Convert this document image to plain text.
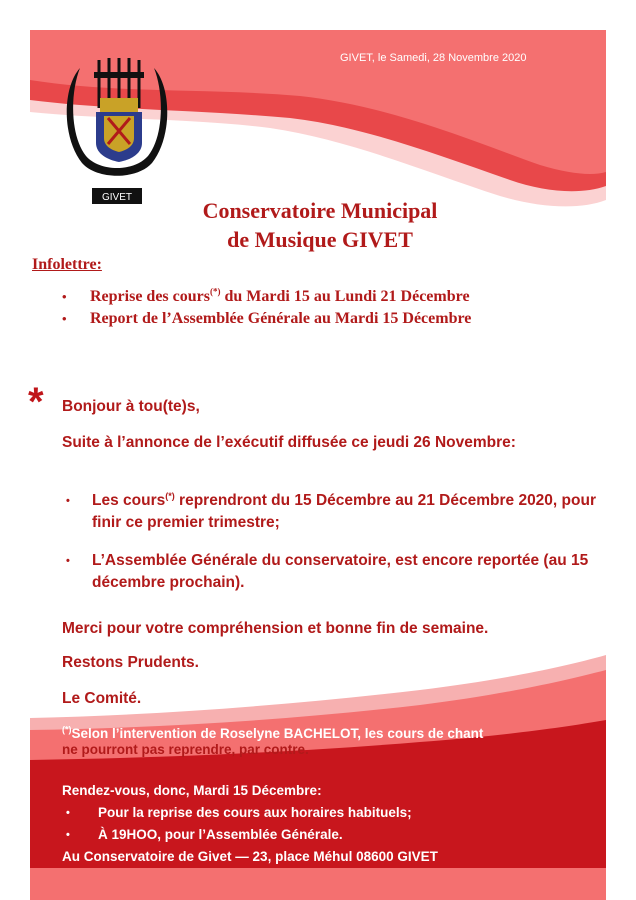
GIVET, le Samedi, 28 Novembre 2020
GIVET
Conservatoire Municipal
de Musique GIVET
Infolettre:
• Reprise des cours(*) du Mardi 15 au Lundi 21 Décembre
• Report de l’Assemblée Générale au Mardi 15 Décembre
* Bonjour à tou(te)s,
Suite à l’annonce de l’exécutif diffusée ce jeudi 26 Novembre:
• Les cours(*) reprendront du 15 Décembre au 21 Décembre 2020, pour finir ce premier trimestre;
• L’Assemblée Générale du conservatoire, est encore reportée (au 15 décembre prochain).
Merci pour votre compréhension et bonne fin de semaine.
Restons Prudents.
Le Comité.
(*)Selon l’intervention de Roselyne BACHELOT, les cours de chant
ne pourront pas reprendre, par contre.
Rendez-vous, donc, Mardi 15 Décembre:
• Pour la reprise des cours aux horaires habituels;
• À 19HOO, pour l’Assemblée Générale.
Au Conservatoire de Givet — 23, place Méhul 08600 GIVET
